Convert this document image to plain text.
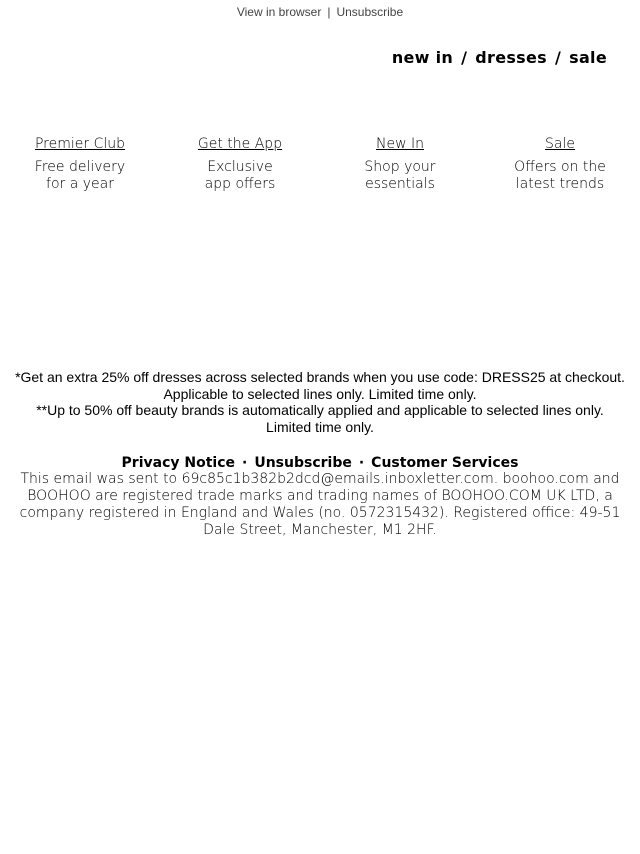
View in browser | Unsubscribe
new in / dresses / sale
Premier Club
Free delivery
for a year
Get the App
Exclusive
app offers
New In
Shop your
essentials
Sale
Offers on the
latest trends

*Get an extra 25% off dresses across selected brands when you use code: DRESS25 at checkout. Applicable to selected lines only. Limited time only.

**Up to 50% off beauty brands is automatically applied and applicable to selected lines only. Limited time only.

Privacy Notice · Unsubscribe · Customer Services

This email was sent to 69c85c1b382b2dcd@emails.inboxletter.com. boohoo.com and BOOHOO are registered trade marks and trading names of BOOHOO.COM UK LTD, a company registered in England and Wales (no. 0572315432). Registered office: 49-51 Dale Street, Manchester, M1 2HF.
